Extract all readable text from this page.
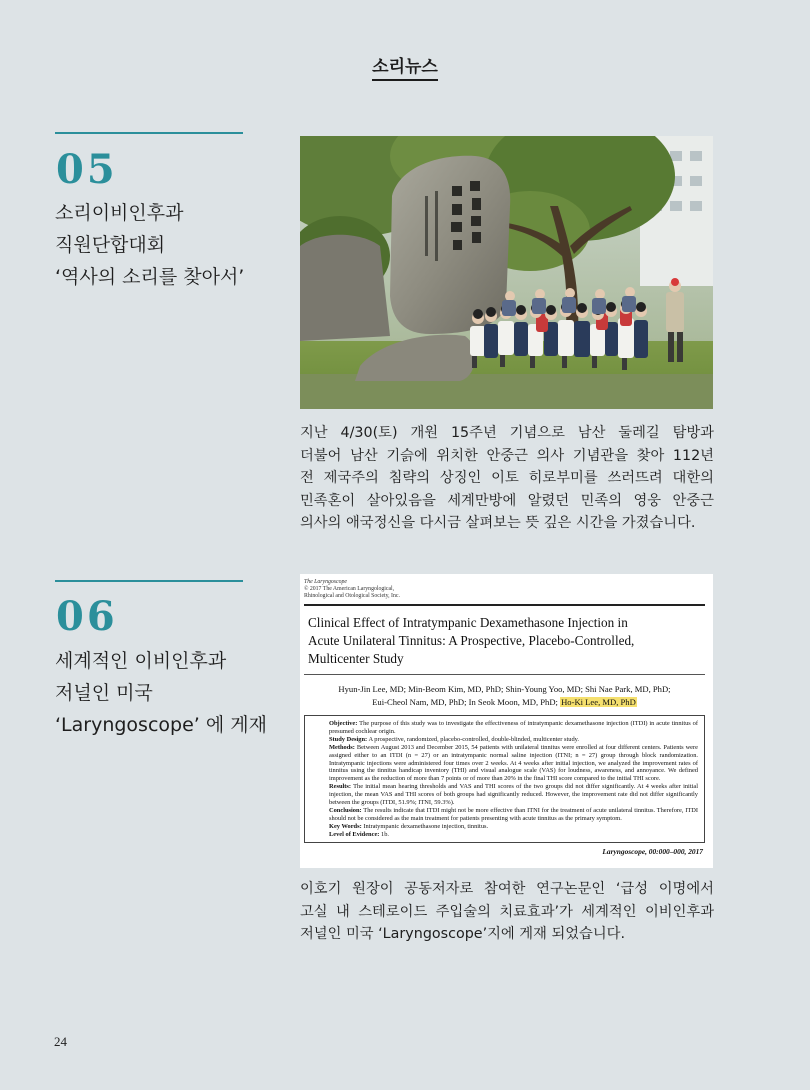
소리뉴스
05
소리이비인후과
직원단합대회
‘역사의 소리를 찾아서’
지난 4/30(토) 개원 15주년 기념으로 남산 둘레길 탐방과
더불어 남산 기슭에 위치한 안중근 의사 기념관을 찾아 112년
전 제국주의 침략의 상징인 이토 히로부미를 쓰러뜨려 대한의
민족혼이 살아있음을 세계만방에 알렸던 민족의 영웅 안중근
의사의 애국정신을 다시금 살펴보는 뜻 깊은 시간을 가졌습니다.
06
세계적인 이비인후과
저널인 미국
‘Laryngoscope’ 에 게재
The Laryngoscope
© 2017 The American Laryngological,
Rhinological and Otological Society, Inc.
Clinical Effect of Intratympanic Dexamethasone Injection in
Acute Unilateral Tinnitus: A Prospective, Placebo-Controlled,
Multicenter Study
Hyun-Jin Lee, MD; Min-Beom Kim, MD, PhD; Shin-Young Yoo, MD; Shi Nae Park, MD, PhD;
Eui-Cheol Nam, MD, PhD; In Seok Moon, MD, PhD; Ho-Ki Lee, MD, PhD

Objective: The purpose of this study was to investigate the effectiveness of intratympanic dexamethasone injection (ITDI) in acute tinnitus of presumed cochlear origin.

Study Design: A prospective, randomized, placebo-controlled, double-blinded, multicenter study.

Methods: Between August 2013 and December 2015, 54 patients with unilateral tinnitus were enrolled at four different centers. Patients were assigned either to an ITDI (n = 27) or an intratympanic normal saline injection (ITNI; n = 27) group through block randomization. Intratympanic injections were administered four times over 2 weeks. At 4 weeks after initial injection, we analyzed the improvement rates of tinnitus using the tinnitus handicap inventory (THI) and visual analogue scale (VAS) for loudness, awareness, and annoyance. We defined improvement as the reduction of more than 7 points or of more than 20% in the final THI score compared to the initial THI score.

Results: The initial mean hearing thresholds and VAS and THI scores of the two groups did not differ significantly. At 4 weeks after initial injection, the mean VAS and THI scores of both groups had significantly reduced. However, the improvement rate did not differ significantly between the groups (ITDI, 51.9%; ITNI, 59.3%).

Conclusion: The results indicate that ITDI might not be more effective than ITNI for the treatment of acute unilateral tinnitus. Therefore, ITDI should not be considered as the main treatment for patients presenting with acute tinnitus as the primary symptom.

Key Words: Intratympanic dexamethasone injection, tinnitus.

Level of Evidence: 1b.

Laryngoscope, 00:000–000, 2017
이호기 원장이 공동저자로 참여한 연구논문인 ‘급성 이명에서
고실 내 스테로이드 주입술의 치료효과’가 세계적인 이비인후과
저널인 미국 ‘Laryngoscope’지에 게재 되었습니다.
24
